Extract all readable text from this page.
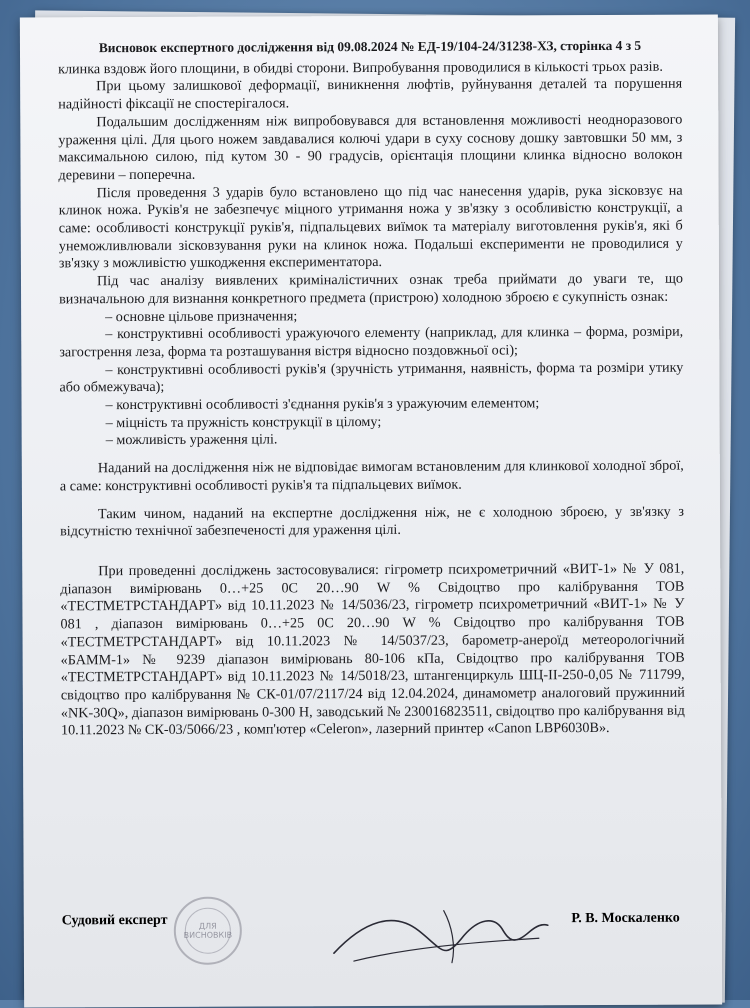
Висновок експертного дослідження від 09.08.2024 № ЕД-19/104-24/31238-ХЗ, сторінка 4 з 5

клинка вздовж його площини, в обидві сторони. Випробування проводилися в кількості трьох разів.

При цьому залишкової деформації, виникнення люфтів, руйнування деталей та порушення надійності фіксації не спостерігалося.

Подальшим дослідженням ніж випробовувався для встановлення можливості неодноразового ураження цілі. Для цього ножем завдавалися колючі удари в суху соснову дошку завтовшки 50 мм, з максимальною силою, під кутом 30 - 90 градусів, орієнтація площини клинка відносно волокон деревини – поперечна.

Після проведення 3 ударів було встановлено що під час нанесення ударів, рука зісковзує на клинок ножа. Руків'я не забезпечує міцного утримання ножа у зв'язку з особливістю конструкції, а саме: особливості конструкції руків'я, підпальцевих виїмок та матеріалу виготовлення руків'я, які б унеможливлювали зісковзування руки на клинок ножа. Подальші експерименти не проводилися у зв'язку з можливістю ушкодження експериментатора.

Під час аналізу виявлених криміналістичних ознак треба приймати до уваги те, що визначальною для визнання конкретного предмета (пристрою) холодною зброєю є сукупність ознак:

– основне цільове призначення;

– конструктивні особливості уражуючого елементу (наприклад, для клинка – форма, розміри, загострення леза, форма та розташування вістря відносно поздовжньої осі);

– конструктивні особливості руків'я (зручність утримання, наявність, форма та розміри утику або обмежувача);

– конструктивні особливості з'єднання руків'я з уражуючим елементом;

– міцність та пружність конструкції в цілому;

– можливість ураження цілі.

Наданий на дослідження ніж не відповідає вимогам встановленим для клинкової холодної зброї, а саме: конструктивні особливості руків'я та підпальцевих виїмок.

Таким чином, наданий на експертне дослідження ніж, не є холодною зброєю, у зв'язку з відсутністю технічної забезпеченості для ураження цілі.

При проведенні досліджень застосовувалися: гігрометр психрометричний «ВИТ-1» № У 081, діапазон вимірювань 0…+25 0С 20…90 W % Свідоцтво про калібрування ТОВ «ТЕСТМЕТРСТАНДАРТ» від 10.11.2023 № 14/5036/23, гігрометр психрометричний «ВИТ-1» № У 081 , діапазон вимірювань 0…+25 0С 20…90 W % Свідоцтво про калібрування ТОВ «ТЕСТМЕТРСТАНДАРТ» від 10.11.2023 № 14/5037/23, барометр-анероїд метеорологічний «БАММ-1» № 9239 діапазон вимірювань 80-106 кПа, Свідоцтво про калібрування ТОВ «ТЕСТМЕТРСТАНДАРТ» від 10.11.2023 № 14/5018/23, штангенциркуль ШЦ-ІІ-250-0,05 № 711799, свідоцтво про калібрування № СК-01/07/2117/24 від 12.04.2024, динамометр аналоговий пружинний «NK-30Q», діапазон вимірювань 0-300 Н, заводський № 230016823511, свідоцтво про калібрування від 10.11.2023 № СК-03/5066/23 , комп'ютер «Celeron», лазерний принтер «Canon LBP6030B».

Судовий експерт	Р. В. Москаленко
ДЛЯ ВИСНОВКІВ
